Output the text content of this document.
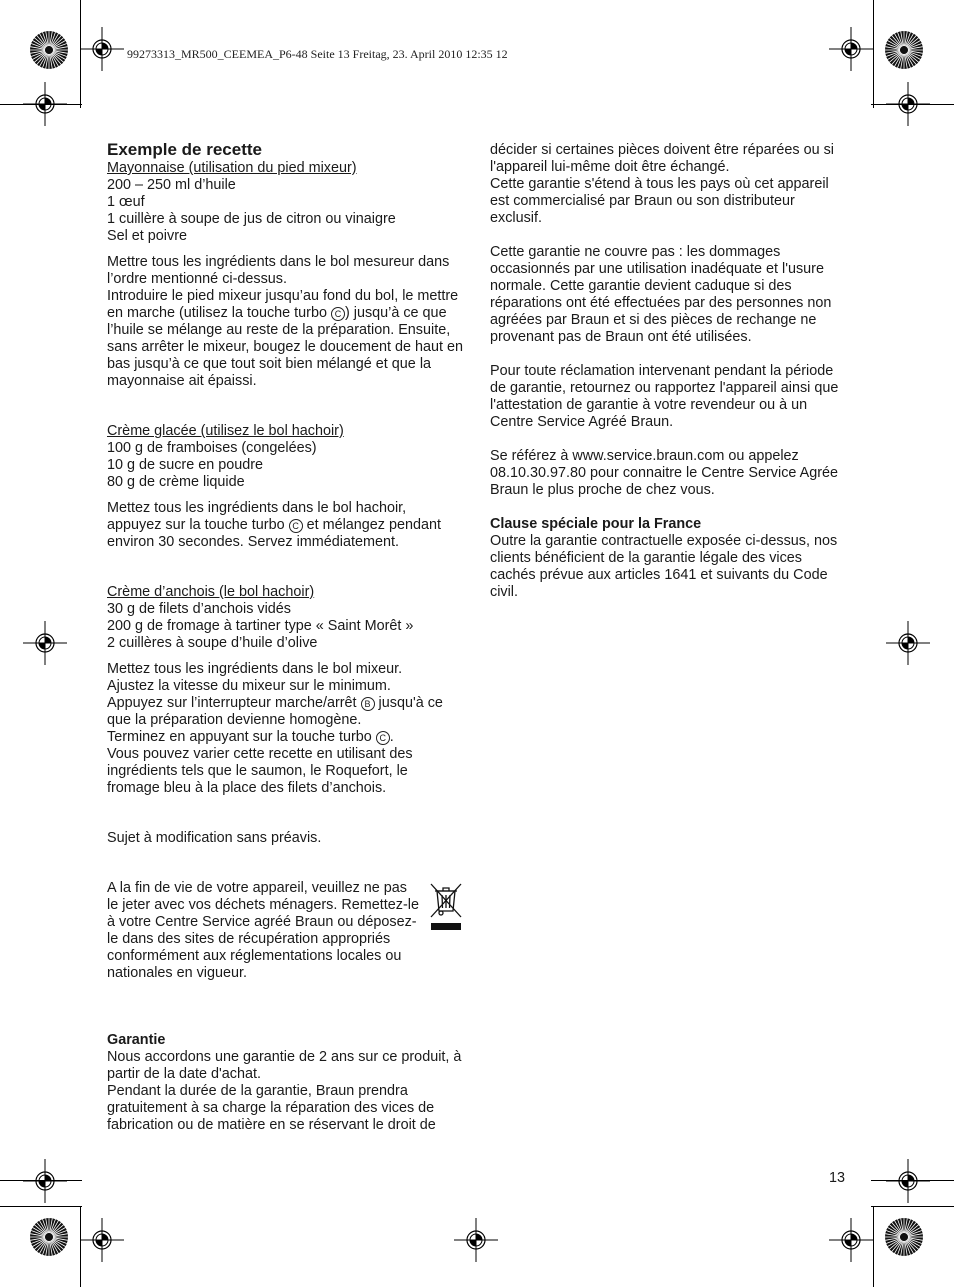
99273313_MR500_CEEMEA_P6-48 Seite 13 Freitag, 23. April 2010 12:35 12

Exemple de recette

Mayonnaise (utilisation du pied mixeur)

200 – 250 ml d’huile

1 œuf

1 cuillère à soupe de jus de citron ou vinaigre

Sel et poivre

Mettre tous les ingrédients dans le bol mesureur dans l’ordre mentionné ci-dessus.

Introduire le pied mixeur jusqu’au fond du bol, le mettre en marche (utilisez la touche turbo C ) jusqu’à ce que l’huile se mélange au reste de la préparation. Ensuite, sans arrêter le mixeur, bougez le doucement de haut en bas jusqu’à ce que tout soit bien mélangé et que la mayonnaise ait épaissi.

Crème glacée (utilisez le bol hachoir)

100 g de framboises (congelées)

10 g de sucre en poudre

80 g de crème liquide

Mettez tous les ingrédients dans le bol hachoir, appuyez sur la touche turbo C et mélangez pendant environ 30 secondes. Servez immédiatement.

Crème d’anchois (le bol hachoir)

30 g de filets d’anchois vidés

200 g de fromage à tartiner type « Saint Morêt »

2 cuillères à soupe d’huile d’olive

Mettez tous les ingrédients dans le bol mixeur.

Ajustez la vitesse du mixeur sur le minimum.

Appuyez sur l’interrupteur marche/arrêt B jusqu'à ce que la préparation devienne homogène.

Terminez en appuyant sur la touche turbo C .

Vous pouvez varier cette recette en utilisant des ingrédients tels que le saumon, le Roquefort, le fromage bleu à la place des filets d’anchois.

Sujet à modification sans préavis.

A la fin de vie de votre appareil, veuillez ne pas le jeter avec vos déchets ménagers. Remettez-le à votre Centre Service agréé Braun ou déposez-le dans des sites de récupération appropriés conformément aux réglementations locales ou nationales en vigueur.

Garantie

Nous accordons une garantie de 2 ans sur ce produit, à partir de la date d'achat.

Pendant la durée de la garantie, Braun prendra gratuitement à sa charge la réparation des vices de fabrication ou de matière en se réservant le droit de

décider si certaines pièces doivent être réparées ou si l'appareil lui-même doit être échangé.

Cette garantie s'étend à tous les pays où cet appareil est commercialisé par Braun ou son distributeur exclusif.

Cette garantie ne couvre pas : les dommages occasionnés par une utilisation inadéquate et l'usure normale. Cette garantie devient caduque si des réparations ont été effectuées par des personnes non agréées par Braun et si des pièces de rechange ne provenant pas de Braun ont été utilisées.

Pour toute réclamation intervenant pendant la période de garantie, retournez ou rapportez l'appareil ainsi que l'attestation de garantie à votre revendeur ou à un Centre Service Agréé Braun.

Se référez à www.service.braun.com ou appelez 08.10.30.97.80 pour connaitre le Centre Service Agrée Braun le plus proche de chez vous.

Clause spéciale pour la France

Outre la garantie contractuelle exposée ci-dessus, nos clients bénéficient de la garantie légale des vices cachés prévue aux articles 1641 et suivants du Code civil.

13
